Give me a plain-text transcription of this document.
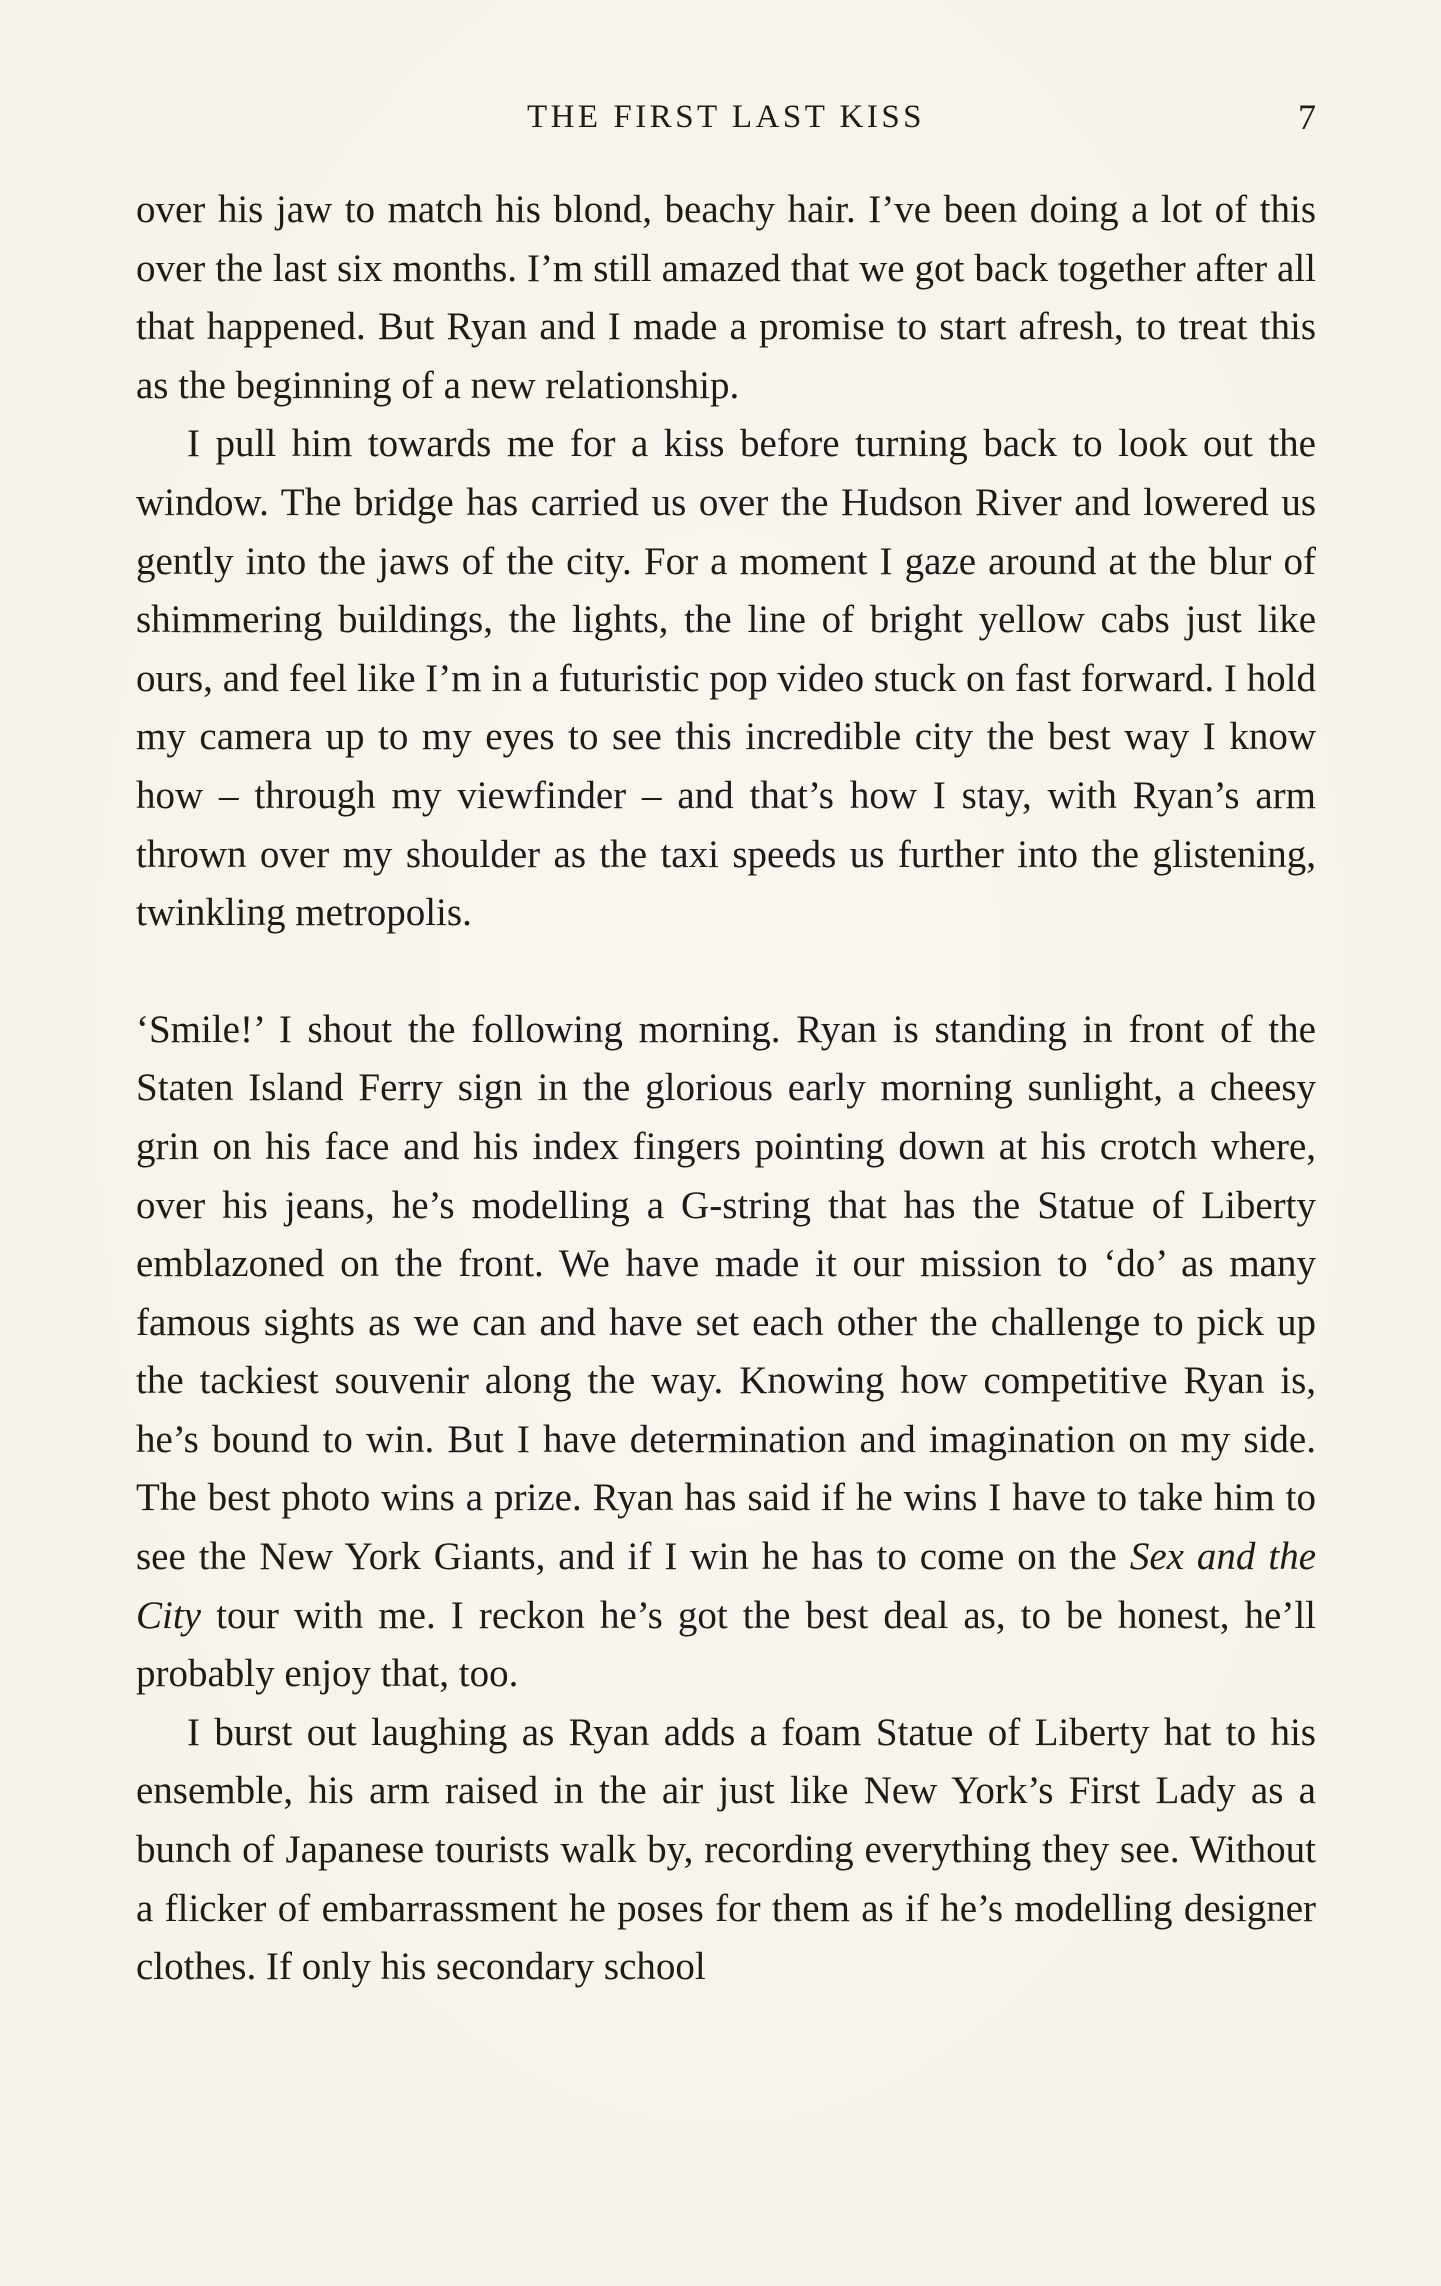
THE FIRST LAST KISS	7

over his jaw to match his blond, beachy hair. I’ve been doing a lot of this over the last six months. I’m still amazed that we got back together after all that happened. But Ryan and I made a promise to start afresh, to treat this as the beginning of a new relationship.

I pull him towards me for a kiss before turning back to look out the window. The bridge has carried us over the Hudson River and lowered us gently into the jaws of the city. For a moment I gaze around at the blur of shimmering buildings, the lights, the line of bright yellow cabs just like ours, and feel like I’m in a futuristic pop video stuck on fast forward. I hold my camera up to my eyes to see this incredible city the best way I know how – through my viewfinder – and that’s how I stay, with Ryan’s arm thrown over my shoulder as the taxi speeds us further into the glistening, twinkling metropolis.

‘Smile!’ I shout the following morning. Ryan is standing in front of the Staten Island Ferry sign in the glorious early morning sunlight, a cheesy grin on his face and his index fingers pointing down at his crotch where, over his jeans, he’s modelling a G-string that has the Statue of Liberty emblazoned on the front. We have made it our mission to ‘do’ as many famous sights as we can and have set each other the challenge to pick up the tackiest souvenir along the way. Knowing how competitive Ryan is, he’s bound to win. But I have determination and imagination on my side. The best photo wins a prize. Ryan has said if he wins I have to take him to see the New York Giants, and if I win he has to come on the Sex and the City tour with me. I reckon he’s got the best deal as, to be honest, he’ll probably enjoy that, too.

I burst out laughing as Ryan adds a foam Statue of Liberty hat to his ensemble, his arm raised in the air just like New York’s First Lady as a bunch of Japanese tourists walk by, recording everything they see. Without a flicker of embarrassment he poses for them as if he’s modelling designer clothes. If only his secondary school
